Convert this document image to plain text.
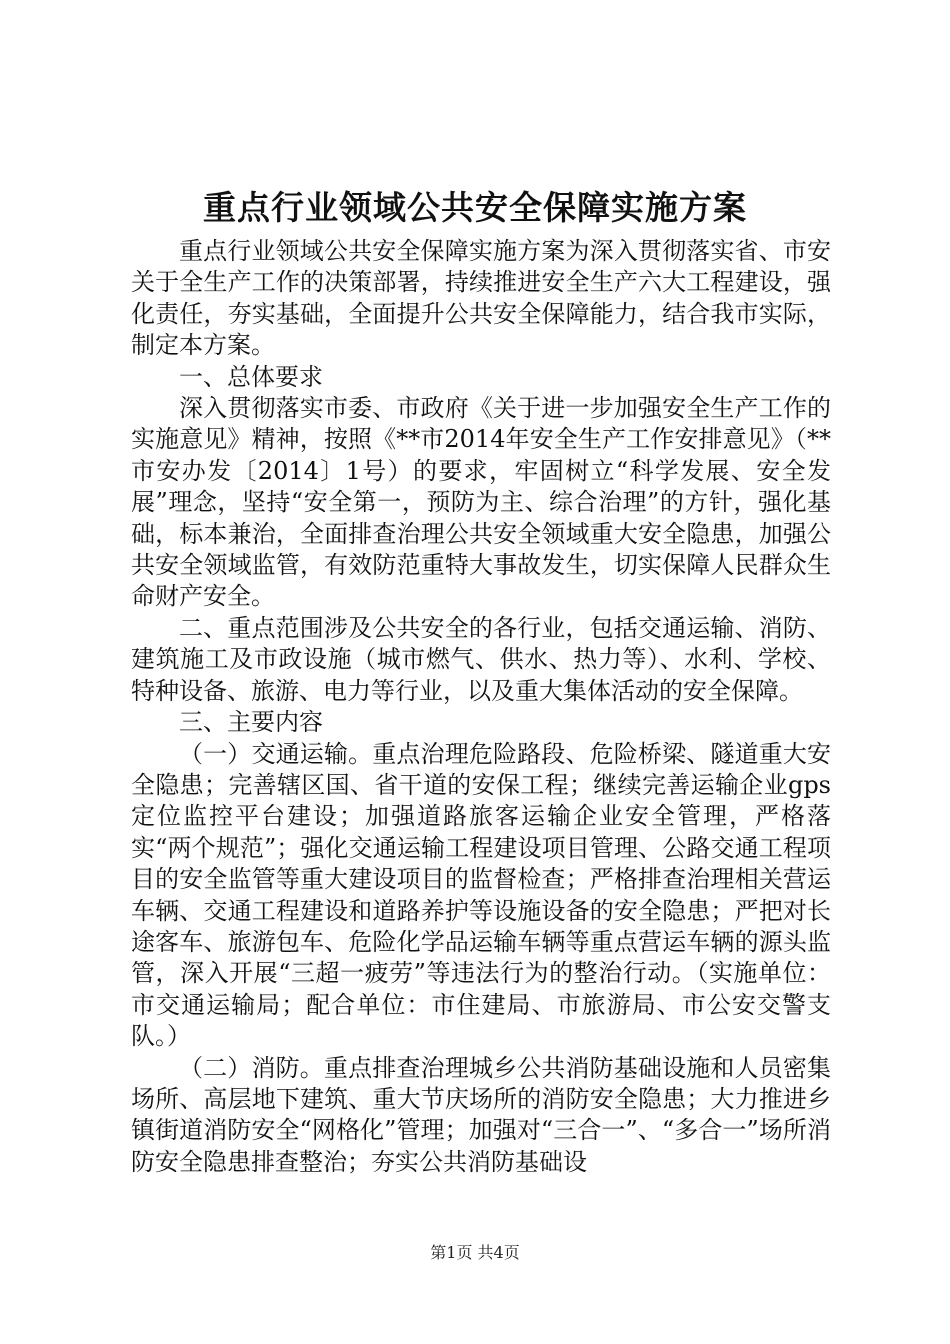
重点行业领域公共安全保障实施方案

重点行业领域公共安全保障实施方案为深入贯彻落实省、市安关于全生产工作的决策部署，持续推进安全生产六大工程建设，强化责任，夯实基础，全面提升公共安全保障能力，结合我市实际，制定本方案。

一、总体要求

深入贯彻落实市委、市政府《关于进一步加强安全生产工作的实施意见》精神，按照《**市2014年安全生产工作安排意见》（**市安办发〔2014〕1号）的要求，牢固树立“科学发展、安全发展”理念，坚持“安全第一，预防为主、综合治理”的方针，强化基础，标本兼治，全面排查治理公共安全领域重大安全隐患，加强公共安全领域监管，有效防范重特大事故发生，切实保障人民群众生命财产安全。

二、重点范围涉及公共安全的各行业，包括交通运输、消防、建筑施工及市政设施（城市燃气、供水、热力等）、水利、学校、特种设备、旅游、电力等行业，以及重大集体活动的安全保障。

三、主要内容

（一）交通运输。重点治理危险路段、危险桥梁、隧道重大安全隐患；完善辖区国、省干道的安保工程；继续完善运输企业gps定位监控平台建设；加强道路旅客运输企业安全管理，严格落实“两个规范”；强化交通运输工程建设项目管理、公路交通工程项目的安全监管等重大建设项目的监督检查；严格排查治理相关营运车辆、交通工程建设和道路养护等设施设备的安全隐患；严把对长途客车、旅游包车、危险化学品运输车辆等重点营运车辆的源头监管，深入开展“三超一疲劳”等违法行为的整治行动。（实施单位：市交通运输局；配合单位：市住建局、市旅游局、市公安交警支队。）

（二）消防。重点排查治理城乡公共消防基础设施和人员密集场所、高层地下建筑、重大节庆场所的消防安全隐患；大力推进乡镇街道消防安全“网格化”管理；加强对“三合一”、“多合一”场所消防安全隐患排查整治；夯实公共消防基础设

第1页 共4页
